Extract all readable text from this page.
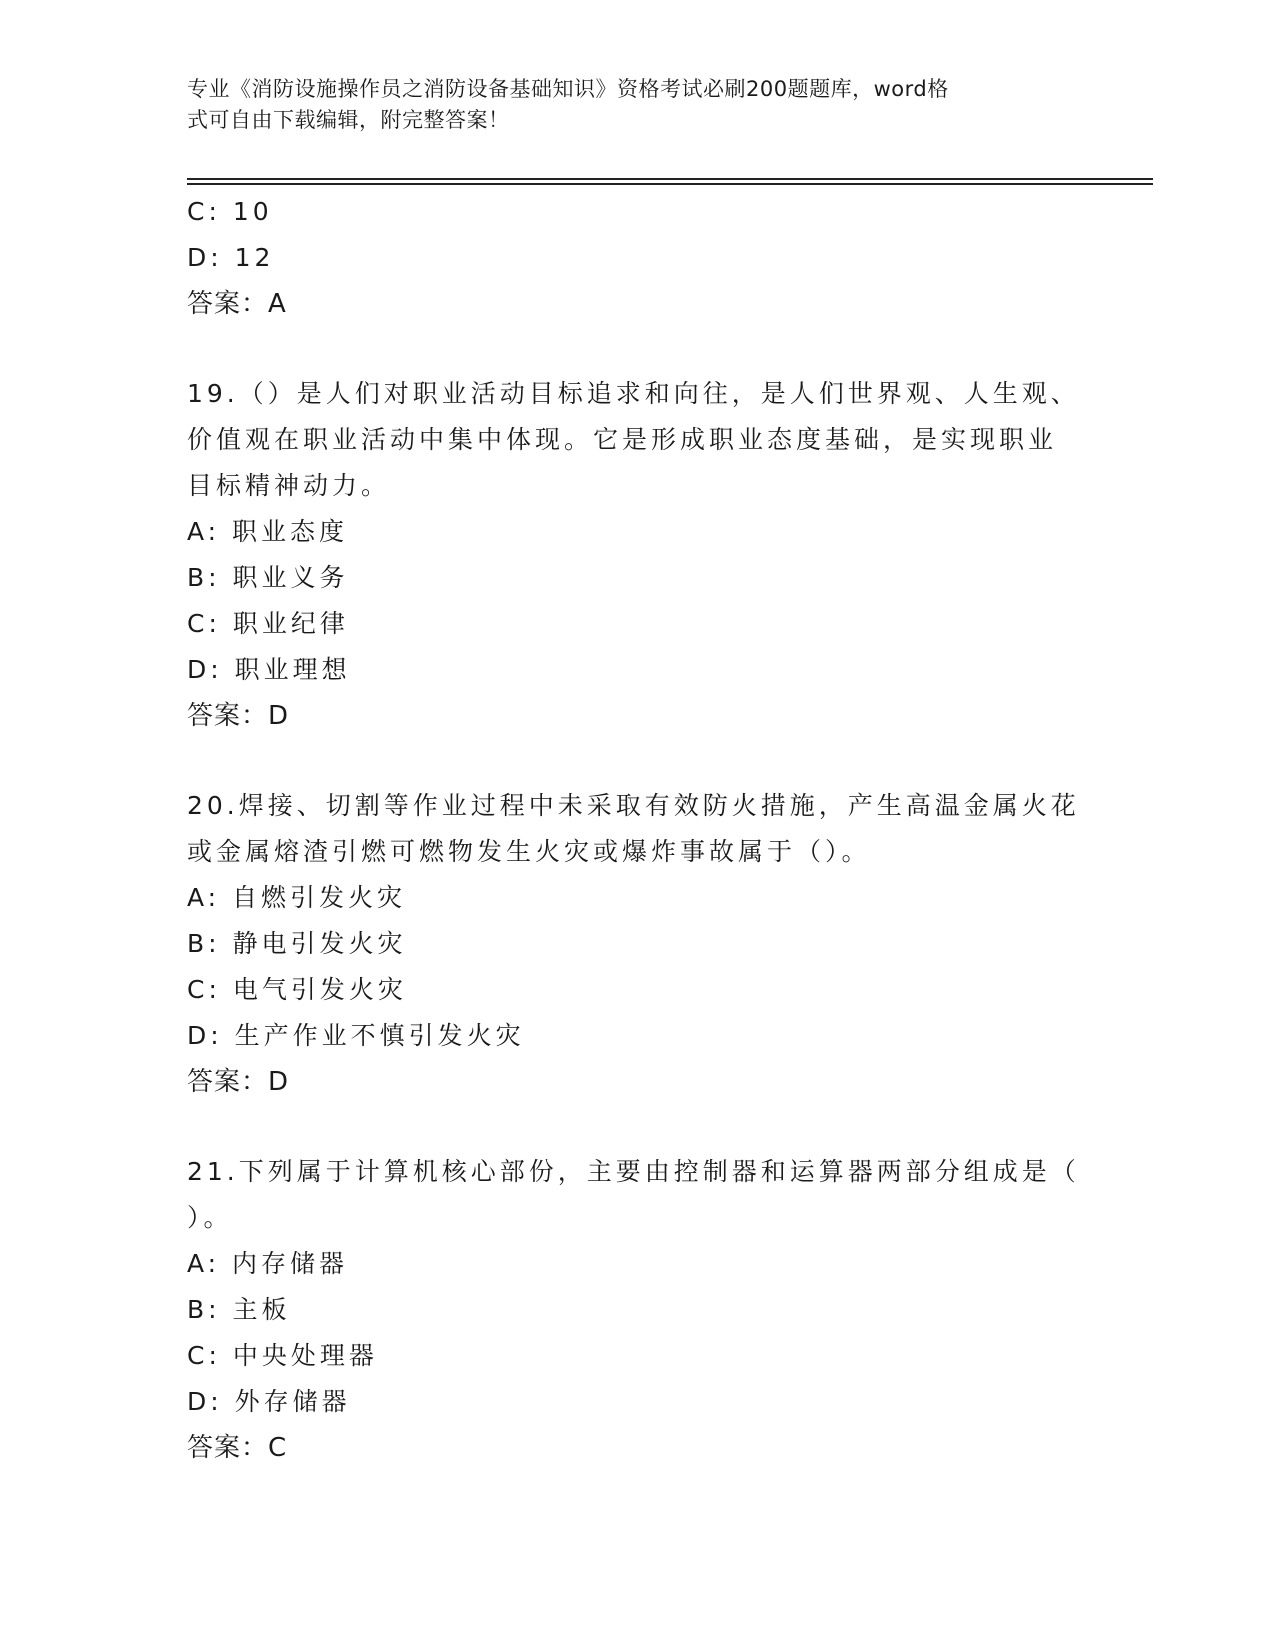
专业《消防设施操作员之消防设备基础知识》资格考试必刷200题题库，word格
式可自由下载编辑，附完整答案！
C: 10
D: 12
答案：A
19.（）是人们对职业活动目标追求和向往，是人们世界观、人生观、
价值观在职业活动中集中体现。它是形成职业态度基础，是实现职业
目标精神动力。
A: 职业态度
B: 职业义务
C: 职业纪律
D: 职业理想
答案：D
20.焊接、切割等作业过程中未采取有效防火措施，产生高温金属火花
或金属熔渣引燃可燃物发生火灾或爆炸事故属于（）。
A: 自燃引发火灾
B: 静电引发火灾
C: 电气引发火灾
D: 生产作业不慎引发火灾
答案：D
21.下列属于计算机核心部份，主要由控制器和运算器两部分组成是（
）。
A: 内存储器
B: 主板
C: 中央处理器
D: 外存储器
答案：C
